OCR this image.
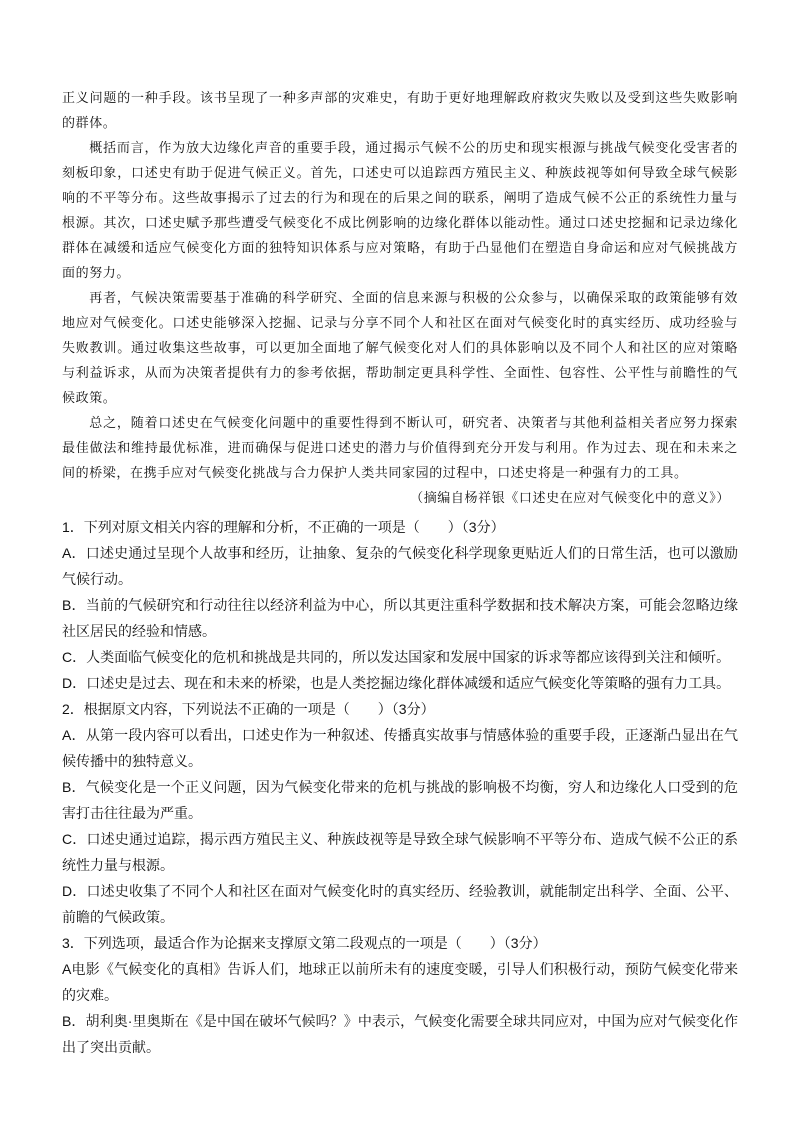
正义问题的一种手段。该书呈现了一种多声部的灾难史，有助于更好地理解政府救灾失败以及受到这些失败影响的群体。

概括而言，作为放大边缘化声音的重要手段，通过揭示气候不公的历史和现实根源与挑战气候变化受害者的刻板印象，口述史有助于促进气候正义。首先，口述史可以追踪西方殖民主义、种族歧视等如何导致全球气候影响的不平等分布。这些故事揭示了过去的行为和现在的后果之间的联系，阐明了造成气候不公正的系统性力量与根源。其次，口述史赋予那些遭受气候变化不成比例影响的边缘化群体以能动性。通过口述史挖掘和记录边缘化群体在减缓和适应气候变化方面的独特知识体系与应对策略，有助于凸显他们在塑造自身命运和应对气候挑战方面的努力。

再者，气候决策需要基于准确的科学研究、全面的信息来源与积极的公众参与，以确保采取的政策能够有效地应对气候变化。口述史能够深入挖掘、记录与分享不同个人和社区在面对气候变化时的真实经历、成功经验与失败教训。通过收集这些故事，可以更加全面地了解气候变化对人们的具体影响以及不同个人和社区的应对策略与利益诉求，从而为决策者提供有力的参考依据，帮助制定更具科学性、全面性、包容性、公平性与前瞻性的气候政策。

总之，随着口述史在气候变化问题中的重要性得到不断认可，研究者、决策者与其他利益相关者应努力探索最佳做法和维持最优标准，进而确保与促进口述史的潜力与价值得到充分开发与利用。作为过去、现在和未来之间的桥梁，在携手应对气候变化挑战与合力保护人类共同家园的过程中，口述史将是一种强有力的工具。

（摘编自杨祥银《口述史在应对气候变化中的意义》）

1．下列对原文相关内容的理解和分析，不正确的一项是（　　）（3分）

A．口述史通过呈现个人故事和经历，让抽象、复杂的气候变化科学现象更贴近人们的日常生活，也可以激励气候行动。

B．当前的气候研究和行动往往以经济利益为中心，所以其更注重科学数据和技术解决方案，可能会忽略边缘社区居民的经验和情感。

C．人类面临气候变化的危机和挑战是共同的，所以发达国家和发展中国家的诉求等都应该得到关注和倾听。

D．口述史是过去、现在和未来的桥梁，也是人类挖掘边缘化群体减缓和适应气候变化等策略的强有力工具。

2．根据原文内容，下列说法不正确的一项是（　　）（3分）

A．从第一段内容可以看出，口述史作为一种叙述、传播真实故事与情感体验的重要手段，正逐渐凸显出在气候传播中的独特意义。

B．气候变化是一个正义问题，因为气候变化带来的危机与挑战的影响极不均衡，穷人和边缘化人口受到的危害打击往往最为严重。

C．口述史通过追踪，揭示西方殖民主义、种族歧视等是导致全球气候影响不平等分布、造成气候不公正的系统性力量与根源。

D．口述史收集了不同个人和社区在面对气候变化时的真实经历、经验教训，就能制定出科学、全面、公平、前瞻的气候政策。

3．下列选项，最适合作为论据来支撑原文第二段观点的一项是（　　）（3分）

A电影《气候变化的真相》告诉人们，地球正以前所未有的速度变暖，引导人们积极行动，预防气候变化带来的灾难。

B．胡利奥·里奥斯在《是中国在破坏气候吗？》中表示，气候变化需要全球共同应对，中国为应对气候变化作出了突出贡献。
